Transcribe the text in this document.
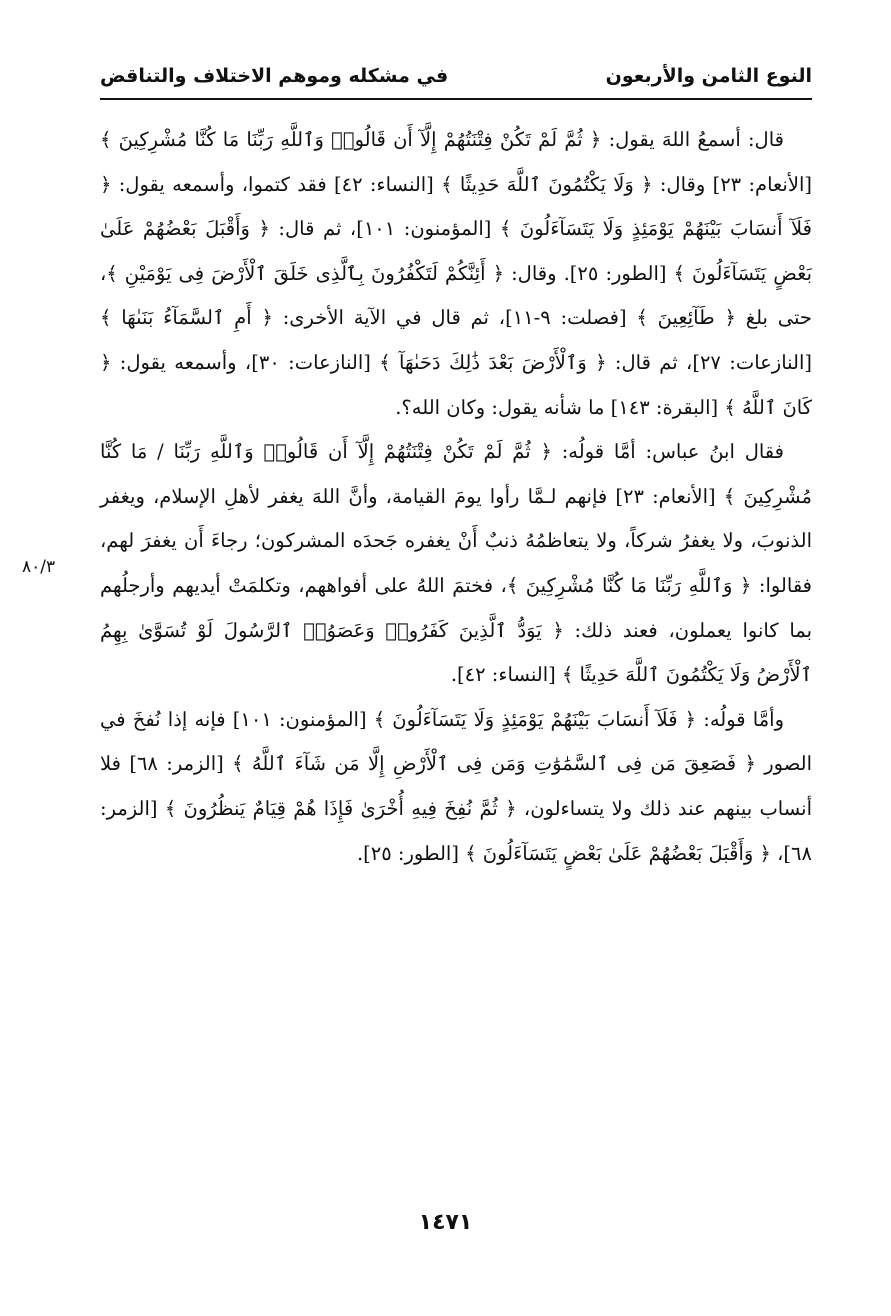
النوع الثامن والأربعون
في مشكله وموهم الاختلاف والتناقض

قال: أسمعُ اللهَ يقول: ﴿ ثُمَّ لَمْ تَكُنْ فِتْنَتُهُمْ إِلَّآ أَن قَالُوا۟ وَٱللَّهِ رَبِّنَا مَا كُنَّا مُشْرِكِينَ ﴾ [الأنعام: ٢٣] وقال: ﴿ وَلَا يَكْتُمُونَ ٱللَّهَ حَدِيثًا ﴾ [النساء: ٤٢] فقد كتموا، وأسمعه يقول: ﴿ فَلَآ أَنسَابَ بَيْنَهُمْ يَوْمَئِذٍ وَلَا يَتَسَآءَلُونَ ﴾ [المؤمنون: ١٠١]، ثم قال: ﴿ وَأَقْبَلَ بَعْضُهُمْ عَلَىٰ بَعْضٍ يَتَسَآءَلُونَ ﴾ [الطور: ٢٥]. وقال: ﴿ أَئِنَّكُمْ لَتَكْفُرُونَ بِٱلَّذِى خَلَقَ ٱلْأَرْضَ فِى يَوْمَيْنِ ﴾، حتى بلغ ﴿ طَآئِعِينَ ﴾ [فصلت: ٩-١١]، ثم قال في الآية الأخرى: ﴿ أَمِ ٱلسَّمَآءُ بَنَىٰهَا ﴾ [النازعات: ٢٧]، ثم قال: ﴿ وَٱلْأَرْضَ بَعْدَ ذَٰلِكَ دَحَىٰهَآ ﴾ [النازعات: ٣٠]، وأسمعه يقول: ﴿ كَانَ ٱللَّهُ ﴾ [البقرة: ١٤٣] ما شأنه يقول: وكان الله؟.

فقال ابنُ عباس: أمَّا قولُه: ﴿ ثُمَّ لَمْ تَكُنْ فِتْنَتُهُمْ إِلَّآ أَن قَالُوا۟ وَٱللَّهِ رَبِّنَا / مَا كُنَّا مُشْرِكِينَ ﴾ [الأنعام: ٢٣] فإنهم لـمَّا رأوا يومَ القيامة، وأنَّ اللهَ يغفر لأهلِ الإسلام، ويغفر الذنوبَ، ولا يغفرُ شركاً، ولا يتعاظمُهُ ذنبٌ أَنْ يغفره جَحدَه المشركون؛ رجاءَ أَن يغفرَ لهم، فقالوا: ﴿ وَٱللَّهِ رَبِّنَا مَا كُنَّا مُشْرِكِينَ ﴾، فختمَ اللهُ على أفواههم، وتكلمَتْ أيديهم وأرجلُهم بما كانوا يعملون، فعند ذلك: ﴿ يَوَدُّ ٱلَّذِينَ كَفَرُوا۟ وَعَصَوُا۟ ٱلرَّسُولَ لَوْ تُسَوَّىٰ بِهِمُ ٱلْأَرْضُ وَلَا يَكْتُمُونَ ٱللَّهَ حَدِيثًا ﴾ [النساء: ٤٢].

وأمَّا قولُه: ﴿ فَلَآ أَنسَابَ بَيْنَهُمْ يَوْمَئِذٍ وَلَا يَتَسَآءَلُونَ ﴾ [المؤمنون: ١٠١] فإنه إذا نُفخَ في الصور ﴿ فَصَعِقَ مَن فِى ٱلسَّمَٰوَٰتِ وَمَن فِى ٱلْأَرْضِ إِلَّا مَن شَآءَ ٱللَّهُ ﴾ [الزمر: ٦٨] فلا أنساب بينهم عند ذلك ولا يتساءلون، ﴿ ثُمَّ نُفِخَ فِيهِ أُخْرَىٰ فَإِذَا هُمْ قِيَامٌ يَنظُرُونَ ﴾ [الزمر: ٦٨]، ﴿ وَأَقْبَلَ بَعْضُهُمْ عَلَىٰ بَعْضٍ يَتَسَآءَلُونَ ﴾ [الطور: ٢٥].

٨٠/٣
١٤٧١
